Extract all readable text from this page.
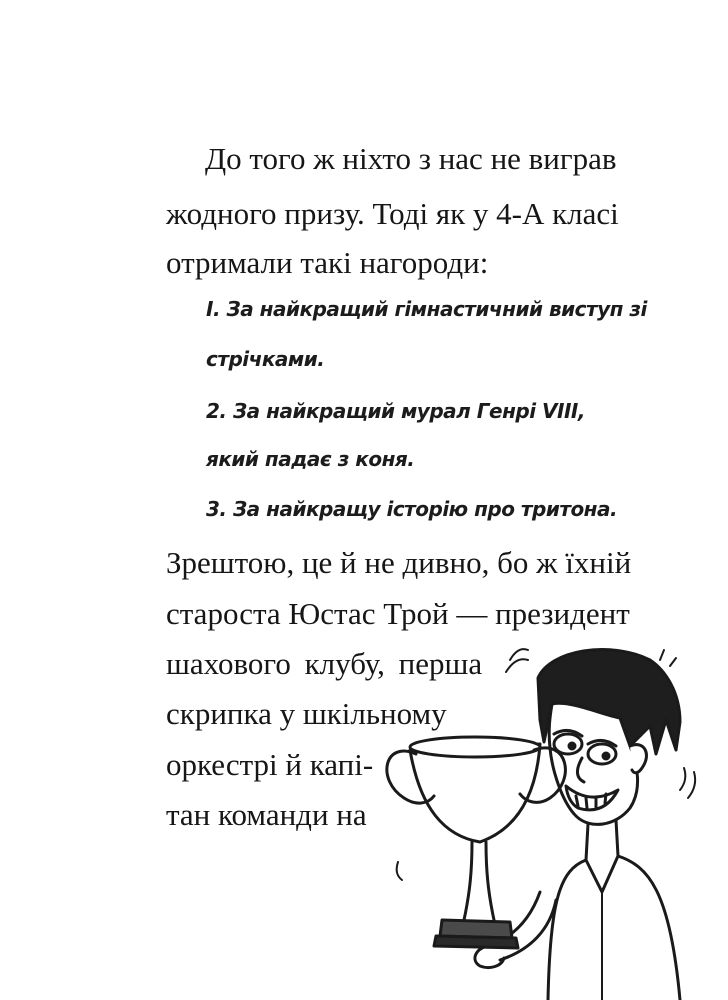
До того ж ніхто з нас не виграв
жодного призу. Тоді як у 4-А класі
отримали такі нагороди:
І. За найкращий гімнастичний виступ зі
стрічками.
2. За найкращий мурал Генрі VIII,
який падає з коня.
3. За найкращу історію про тритона.
Зрештою, це й не дивно, бо ж їхній
староста Юстас Трой — президент
шахового клубу, перша
скрипка у шкільному
оркестрі й капі-
тан команди на
